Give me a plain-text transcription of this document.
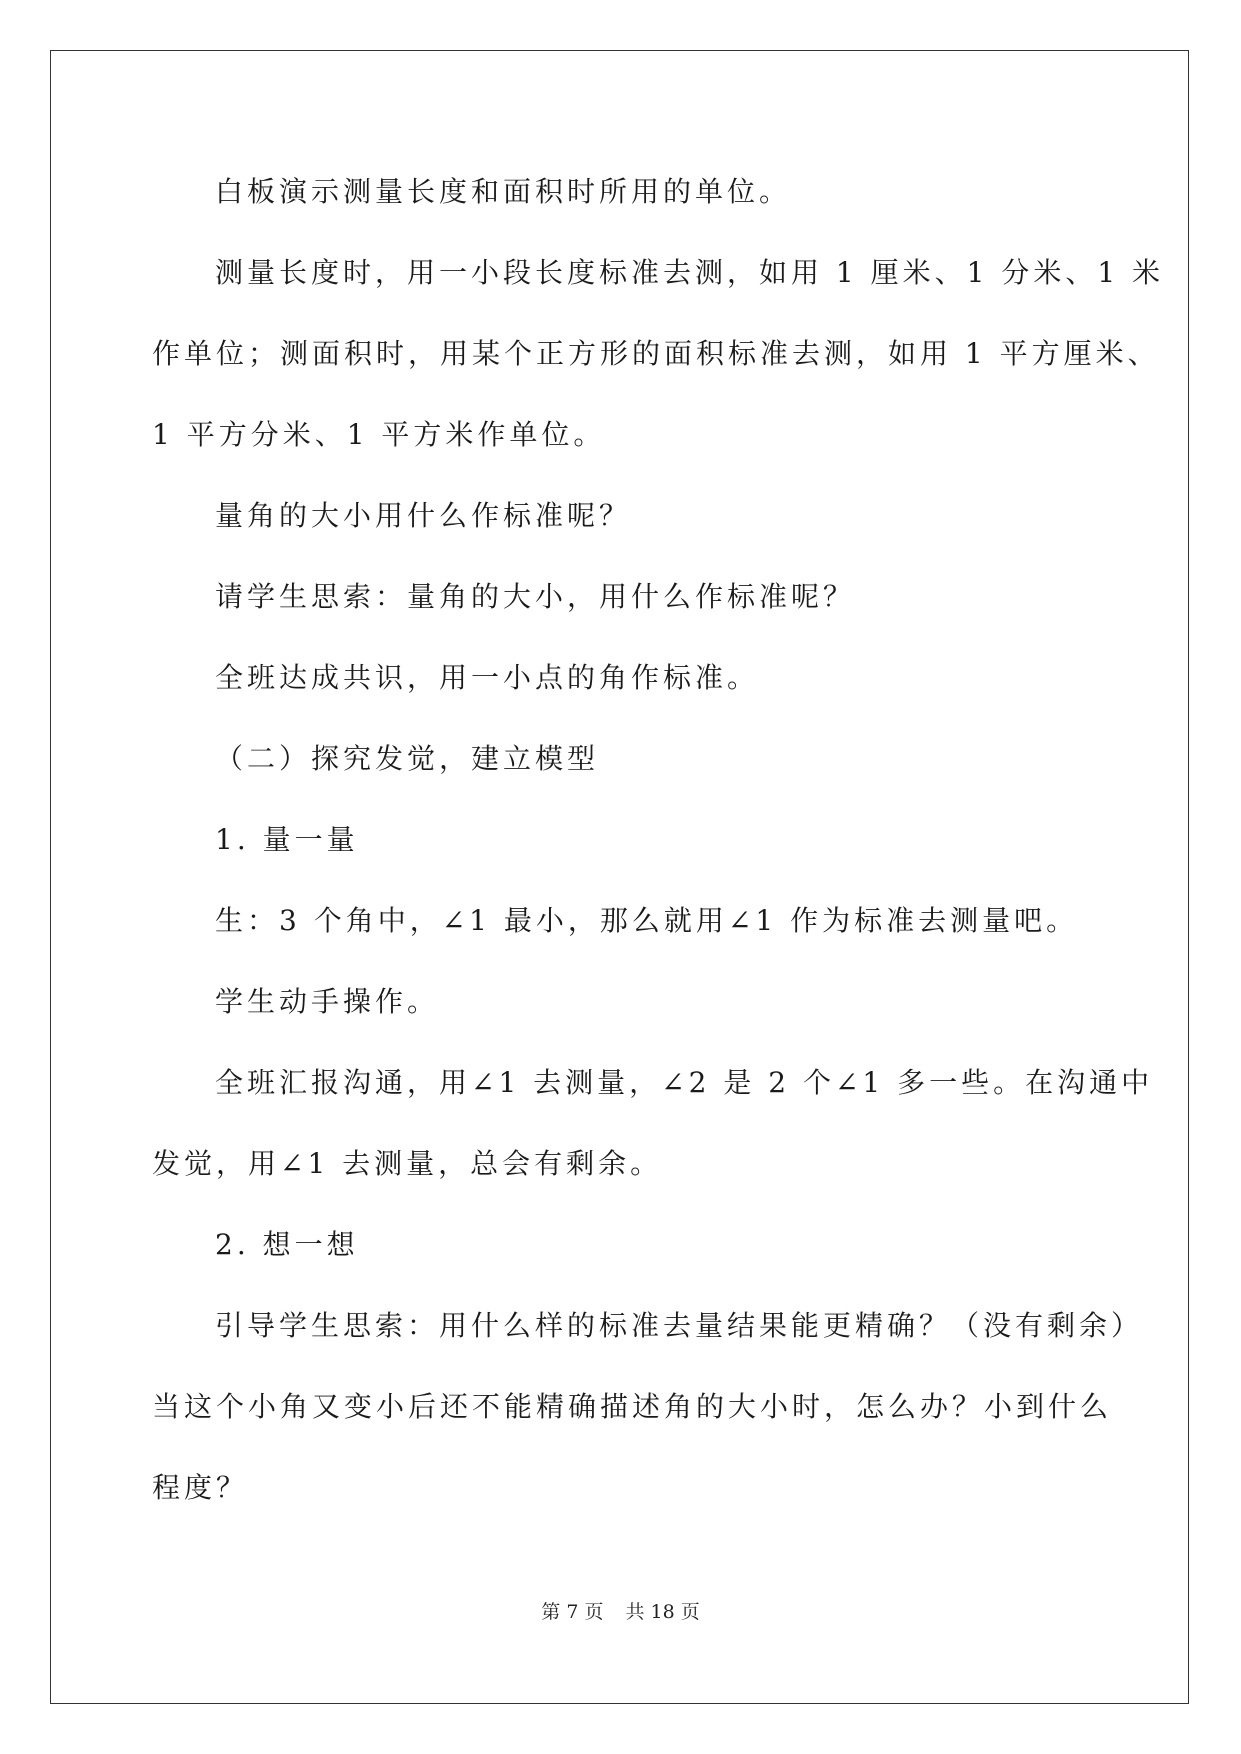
白板演示测量长度和面积时所用的单位。
测量长度时，用一小段长度标准去测，如用 1 厘米、1 分米、1 米
作单位；测面积时，用某个正方形的面积标准去测，如用 1 平方厘米、
1 平方分米、1 平方米作单位。
量角的大小用什么作标准呢？
请学生思索：量角的大小，用什么作标准呢？
全班达成共识，用一小点的角作标准。
（二）探究发觉，建立模型
1. 量一量
生：3 个角中，∠1 最小，那么就用∠1 作为标准去测量吧。
学生动手操作。
全班汇报沟通，用∠1 去测量，∠2 是 2 个∠1 多一些。在沟通中
发觉，用∠1 去测量，总会有剩余。
2. 想一想
引导学生思索：用什么样的标准去量结果能更精确？（没有剩余）
当这个小角又变小后还不能精确描述角的大小时，怎么办？小到什么
程度？
第 7 页 共 18 页
